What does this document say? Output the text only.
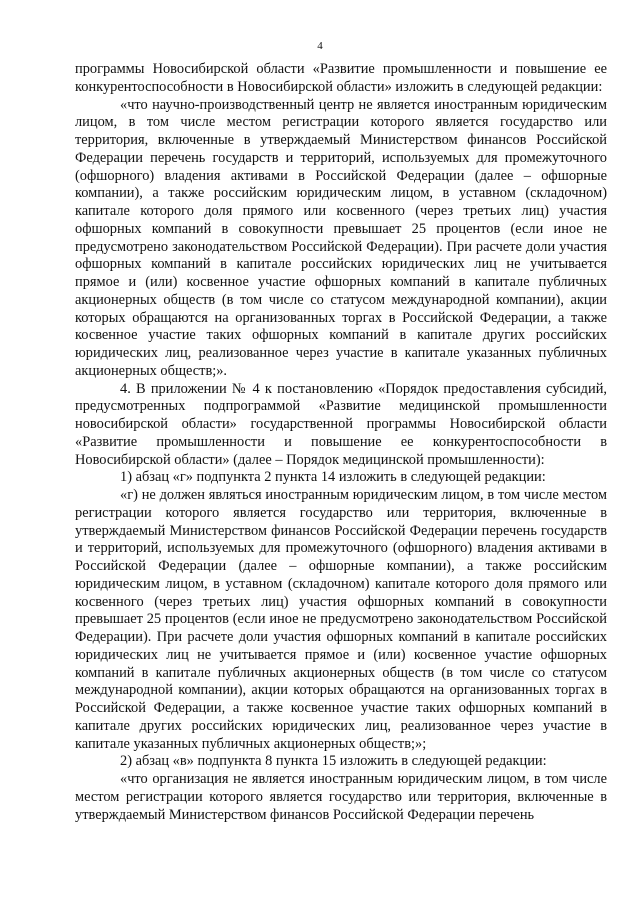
4

программы Новосибирской области «Развитие промышленности и повышение ее конкурентоспособности в Новосибирской области» изложить в следующей редакции:

«что научно-производственный центр не является иностранным юридическим лицом, в том числе местом регистрации которого является государство или территория, включенные в утверждаемый Министерством финансов Российской Федерации перечень государств и территорий, используемых для промежуточного (офшорного) владения активами в Российской Федерации (далее – офшорные компании), а также российским юридическим лицом, в уставном (складочном) капитале которого доля прямого или косвенного (через третьих лиц) участия офшорных компаний в совокупности превышает 25 процентов (если иное не предусмотрено законодательством Российской Федерации). При расчете доли участия офшорных компаний в капитале российских юридических лиц не учитывается прямое и (или) косвенное участие офшорных компаний в капитале публичных акционерных обществ (в том числе со статусом международной компании), акции которых обращаются на организованных торгах в Российской Федерации, а также косвенное участие таких офшорных компаний в капитале других российских юридических лиц, реализованное через участие в капитале указанных публичных акционерных обществ;».

4. В приложении № 4 к постановлению «Порядок предоставления субсидий, предусмотренных подпрограммой «Развитие медицинской промышленности новосибирской области» государственной программы Новосибирской области «Развитие промышленности и повышение ее конкурентоспособности в Новосибирской области» (далее – Порядок медицинской промышленности):

1) абзац «г» подпункта 2 пункта 14 изложить в следующей редакции:

«г) не должен являться иностранным юридическим лицом, в том числе местом регистрации которого является государство или территория, включенные в утверждаемый Министерством финансов Российской Федерации перечень государств и территорий, используемых для промежуточного (офшорного) владения активами в Российской Федерации (далее – офшорные компании), а также российским юридическим лицом, в уставном (складочном) капитале которого доля прямого или косвенного (через третьих лиц) участия офшорных компаний в совокупности превышает 25 процентов (если иное не предусмотрено законодательством Российской Федерации). При расчете доли участия офшорных компаний в капитале российских юридических лиц не учитывается прямое и (или) косвенное участие офшорных компаний в капитале публичных акционерных обществ (в том числе со статусом международной компании), акции которых обращаются на организованных торгах в Российской Федерации, а также косвенное участие таких офшорных компаний в капитале других российских юридических лиц, реализованное через участие в капитале указанных публичных акционерных обществ;»;

2) абзац «в» подпункта 8 пункта 15 изложить в следующей редакции:

«что организация не является иностранным юридическим лицом, в том числе местом регистрации которого является государство или территория, включенные в утверждаемый Министерством финансов Российской Федерации перечень
